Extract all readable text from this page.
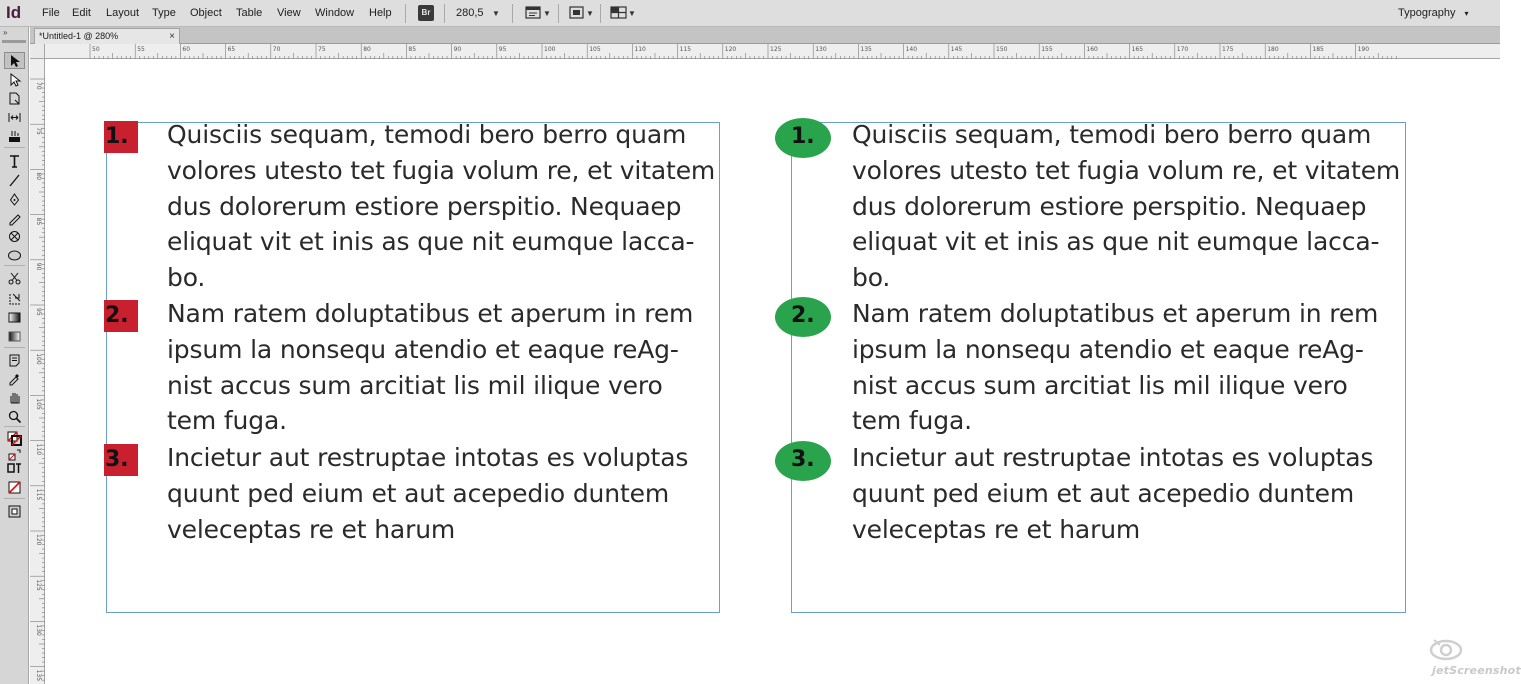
Id	File Edit Layout Type Object Table View Window Help	Br	280,5 ▼	▼	▼	▼	Typography ▾
»	*Untitled-1 @ 280%	×
50	55	60	65	70	75	80	85	90	95	100	105	110	115	120	125	130	135	140	145	150	155	160	165	170	175	180	185	190
70
75
80
85
90
95
100
105
110
115
120
125
130
135
1. Quisciis sequam, temodi bero berro quam
volores utesto tet fugia volum re, et vitatem
dus dolorerum estiore perspitio. Nequaep
eliquat vit et inis as que nit eumque lacca-
bo.
2. Nam ratem doluptatibus et aperum in rem
ipsum la nonsequ atendio et eaque reAg-
nist accus sum arcitiat lis mil ilique vero
tem fuga.
3. Incietur aut restruptae intotas es voluptas
quunt ped eium et aut acepedio duntem
veleceptas re et harum
1. Quisciis sequam, temodi bero berro quam
volores utesto tet fugia volum re, et vitatem
dus dolorerum estiore perspitio. Nequaep
eliquat vit et inis as que nit eumque lacca-
bo.
2. Nam ratem doluptatibus et aperum in rem
ipsum la nonsequ atendio et eaque reAg-
nist accus sum arcitiat lis mil ilique vero
tem fuga.
3. Incietur aut restruptae intotas es voluptas
quunt ped eium et aut acepedio duntem
veleceptas re et harum
jetScreenshot
